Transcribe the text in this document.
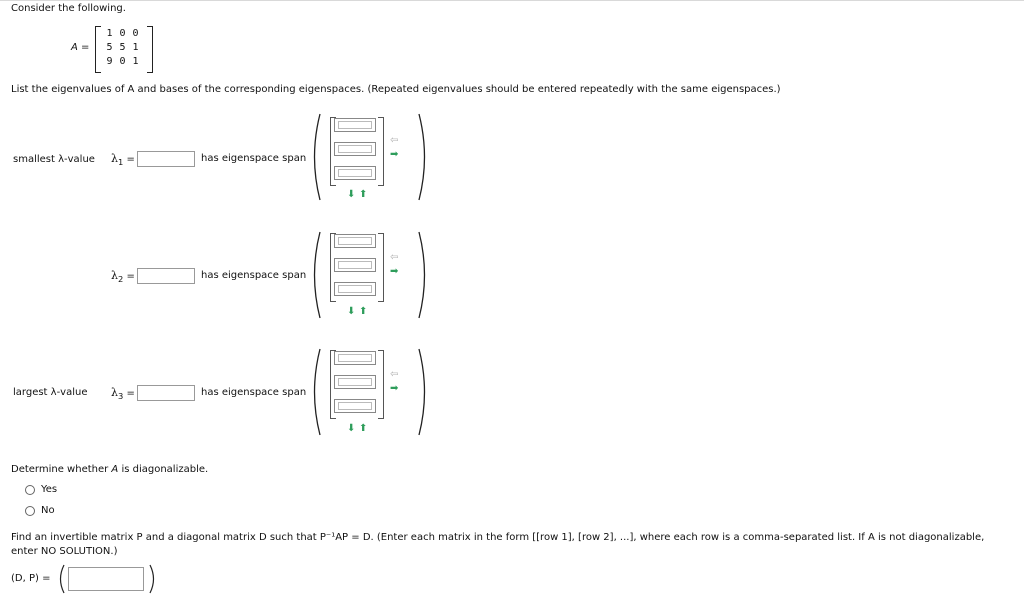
Consider the following.
A =
1 0 0
5 5 1
9 0 1
List the eigenvalues of A and bases of the corresponding eigenspaces. (Repeated eigenvalues should be entered repeatedly with the same eigenspaces.)
smallest λ-value $\lambda_1$ =	has eigenspace span
⇦
➡
⬇ ⬆
$\lambda_2$ =	has eigenspace span
⇦
➡
⬇ ⬆
largest λ-value $\lambda_3$ =	has eigenspace span
⇦
➡
⬇ ⬆
Determine whether A is diagonalizable.
Yes
No
Find an invertible matrix P and a diagonal matrix D such that P⁻¹AP = D. (Enter each matrix in the form [[row 1], [row 2], ...], where each row is a comma-separated list. If A is not diagonalizable,
enter NO SOLUTION.)
(D, P) =
